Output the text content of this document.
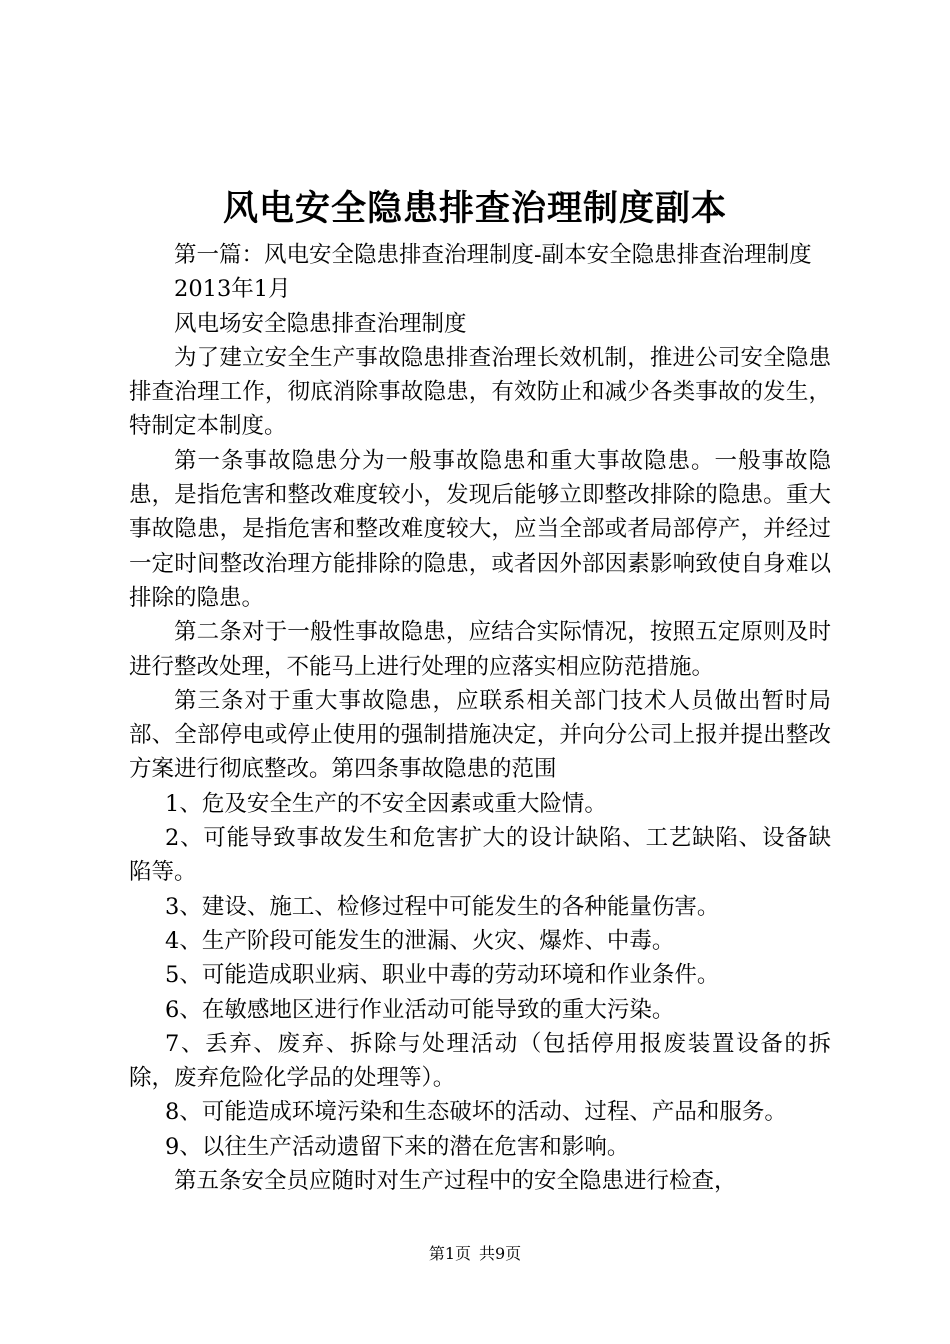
风电安全隐患排查治理制度副本

第一篇：风电安全隐患排查治理制度-副本安全隐患排查治理制度

2013年1月

风电场安全隐患排查治理制度

为了建立安全生产事故隐患排查治理长效机制，推进公司安全隐患排查治理工作，彻底消除事故隐患，有效防止和减少各类事故的发生，特制定本制度。

第一条事故隐患分为一般事故隐患和重大事故隐患。一般事故隐患，是指危害和整改难度较小，发现后能够立即整改排除的隐患。重大事故隐患，是指危害和整改难度较大，应当全部或者局部停产，并经过一定时间整改治理方能排除的隐患，或者因外部因素影响致使自身难以排除的隐患。

第二条对于一般性事故隐患，应结合实际情况，按照五定原则及时进行整改处理，不能马上进行处理的应落实相应防范措施。

第三条对于重大事故隐患，应联系相关部门技术人员做出暂时局部、全部停电或停止使用的强制措施决定，并向分公司上报并提出整改方案进行彻底整改。第四条事故隐患的范围

1、危及安全生产的不安全因素或重大险情。

2、可能导致事故发生和危害扩大的设计缺陷、工艺缺陷、设备缺陷等。

3、建设、施工、检修过程中可能发生的各种能量伤害。

4、生产阶段可能发生的泄漏、火灾、爆炸、中毒。

5、可能造成职业病、职业中毒的劳动环境和作业条件。

6、在敏感地区进行作业活动可能导致的重大污染。

7、丢弃、废弃、拆除与处理活动（包括停用报废装置设备的拆除，废弃危险化学品的处理等）。

8、可能造成环境污染和生态破坏的活动、过程、产品和服务。

9、以往生产活动遗留下来的潜在危害和影响。

第五条安全员应随时对生产过程中的安全隐患进行检查，

第1页 共9页
